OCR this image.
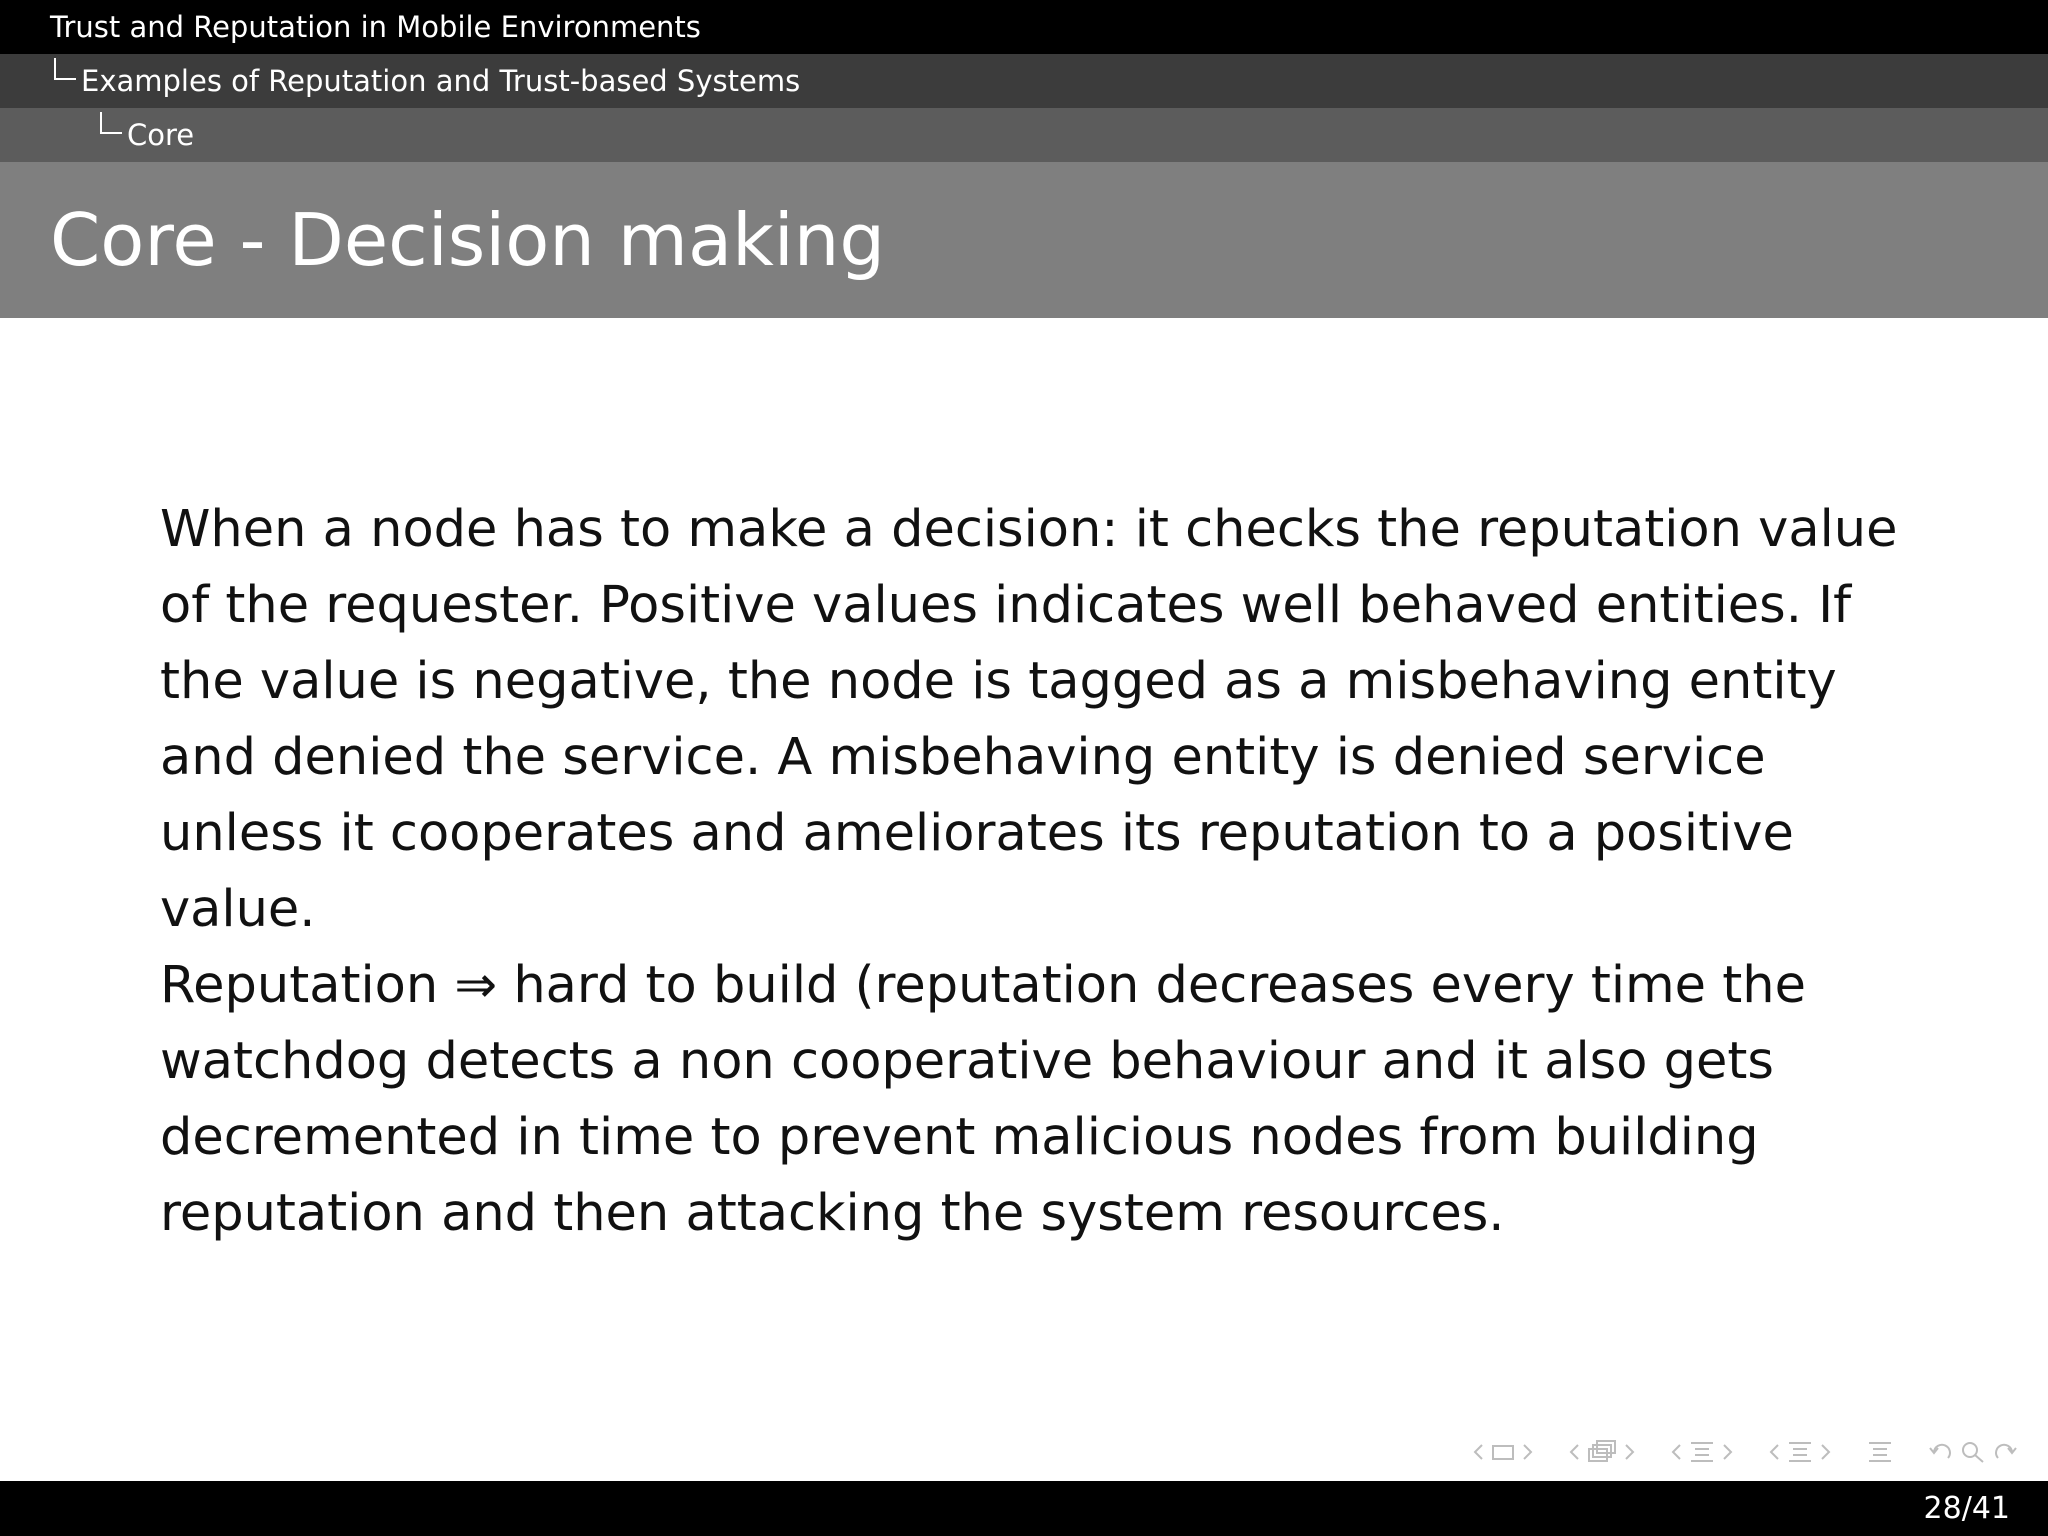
Trust and Reputation in Mobile Environments
Examples of Reputation and Trust-based Systems
Core
Core - Decision making

When a node has to make a decision: it checks the reputation value of the requester. Positive values indicates well behaved entities. If the value is negative, the node is tagged as a misbehaving entity and denied the service. A misbehaving entity is denied service unless it cooperates and ameliorates its reputation to a positive value.

Reputation ⇒ hard to build (reputation decreases every time the watchdog detects a non cooperative behaviour and it also gets decremented in time to prevent malicious nodes from building reputation and then attacking the system resources.

28/41
